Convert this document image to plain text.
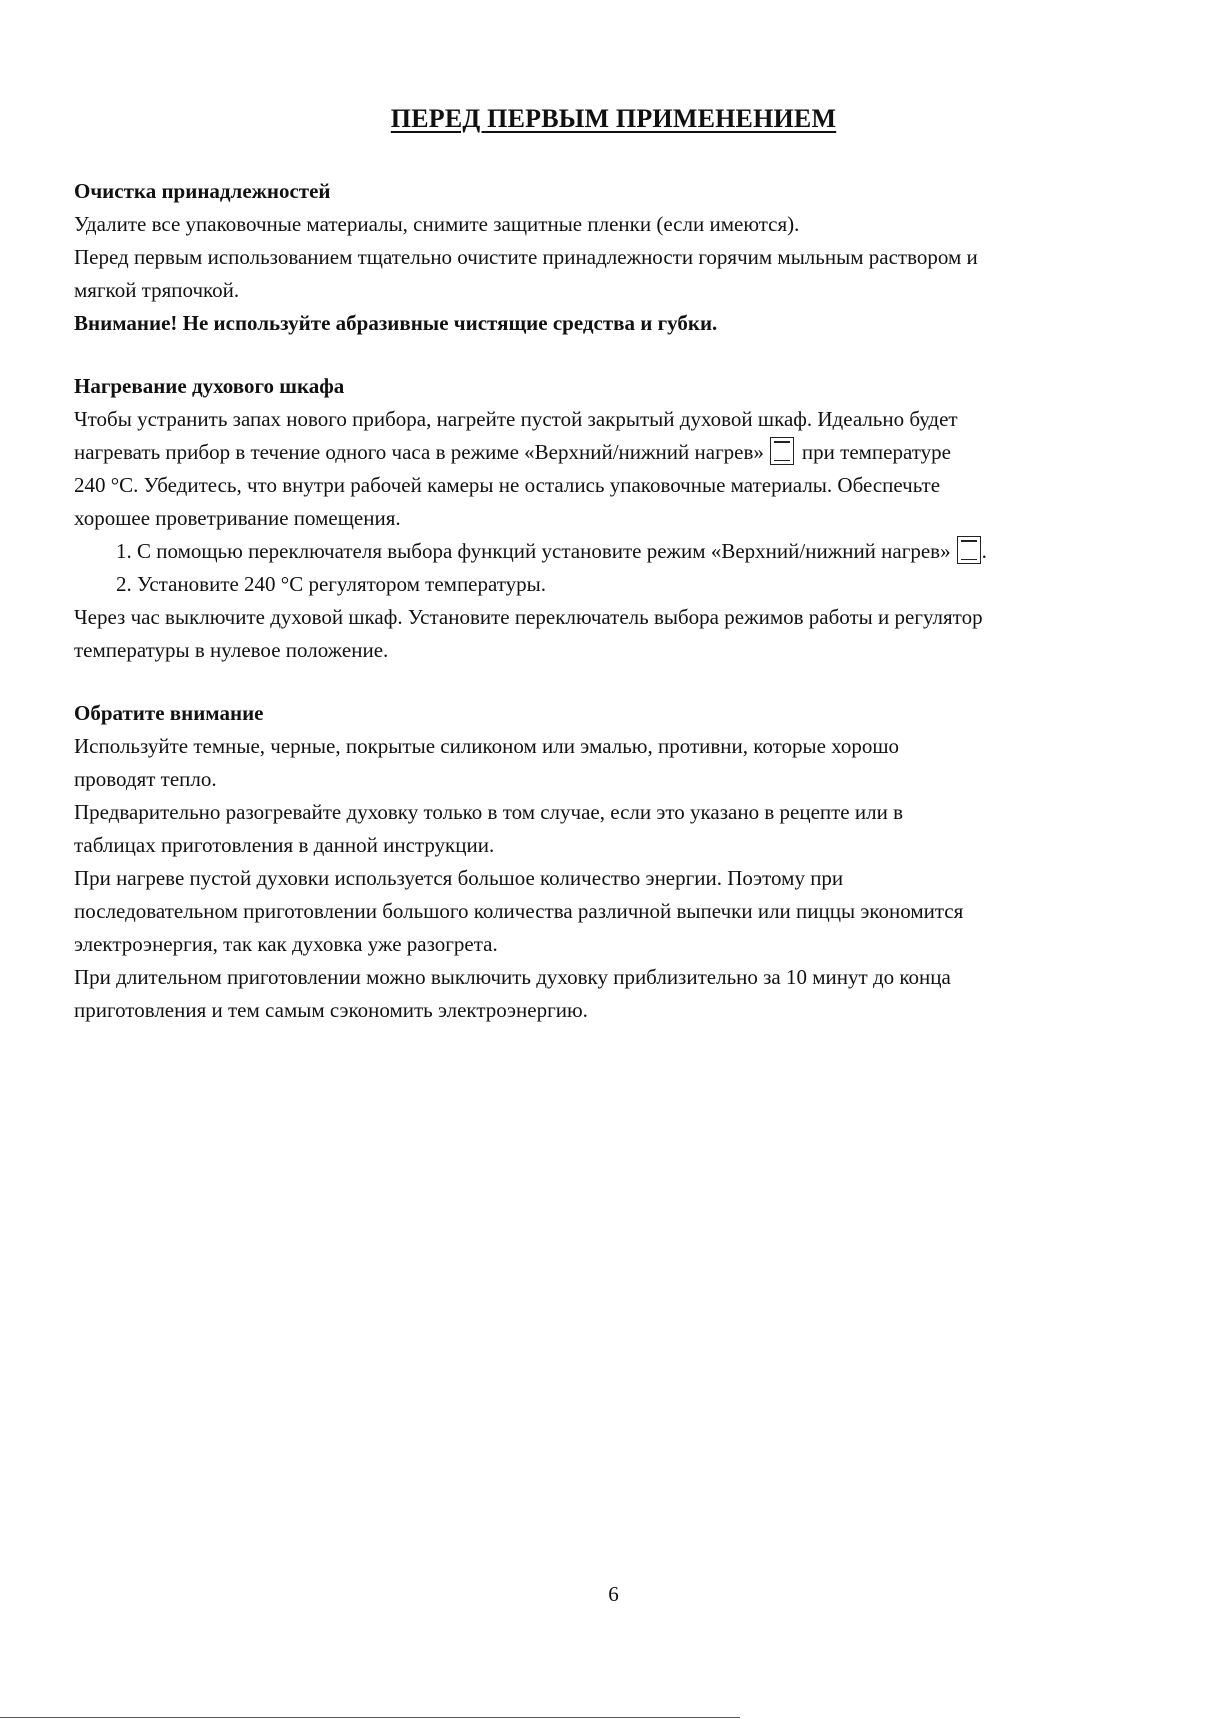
ПЕРЕД ПЕРВЫМ ПРИМЕНЕНИЕМ

Очистка принадлежностей

Удалите все упаковочные материалы, снимите защитные пленки (если имеются).

Перед первым использованием тщательно очистите принадлежности горячим мыльным раствором и

мягкой тряпочкой.

Внимание! Не используйте абразивные чистящие средства и губки.

Нагревание духового шкафа

Чтобы устранить запах нового прибора, нагрейте пустой закрытый духовой шкаф. Идеально будет

нагревать прибор в течение одного часа в режиме «Верхний/нижний нагрев» при температуре

240 °C. Убедитесь, что внутри рабочей камеры не остались упаковочные материалы. Обеспечьте

хорошее проветривание помещения.

1. С помощью переключателя выбора функций установите режим «Верхний/нижний нагрев» .
2. Установите 240 °C регулятором температуры.

Через час выключите духовой шкаф. Установите переключатель выбора режимов работы и регулятор

температуры в нулевое положение.

Обратите внимание

Используйте темные, черные, покрытые силиконом или эмалью, противни, которые хорошо

проводят тепло.

Предварительно разогревайте духовку только в том случае, если это указано в рецепте или в

таблицах приготовления в данной инструкции.

При нагреве пустой духовки используется большое количество энергии. Поэтому при

последовательном приготовлении большого количества различной выпечки или пиццы экономится

электроэнергия, так как духовка уже разогрета.

При длительном приготовлении можно выключить духовку приблизительно за 10 минут до конца

приготовления и тем самым сэкономить электроэнергию.

6
